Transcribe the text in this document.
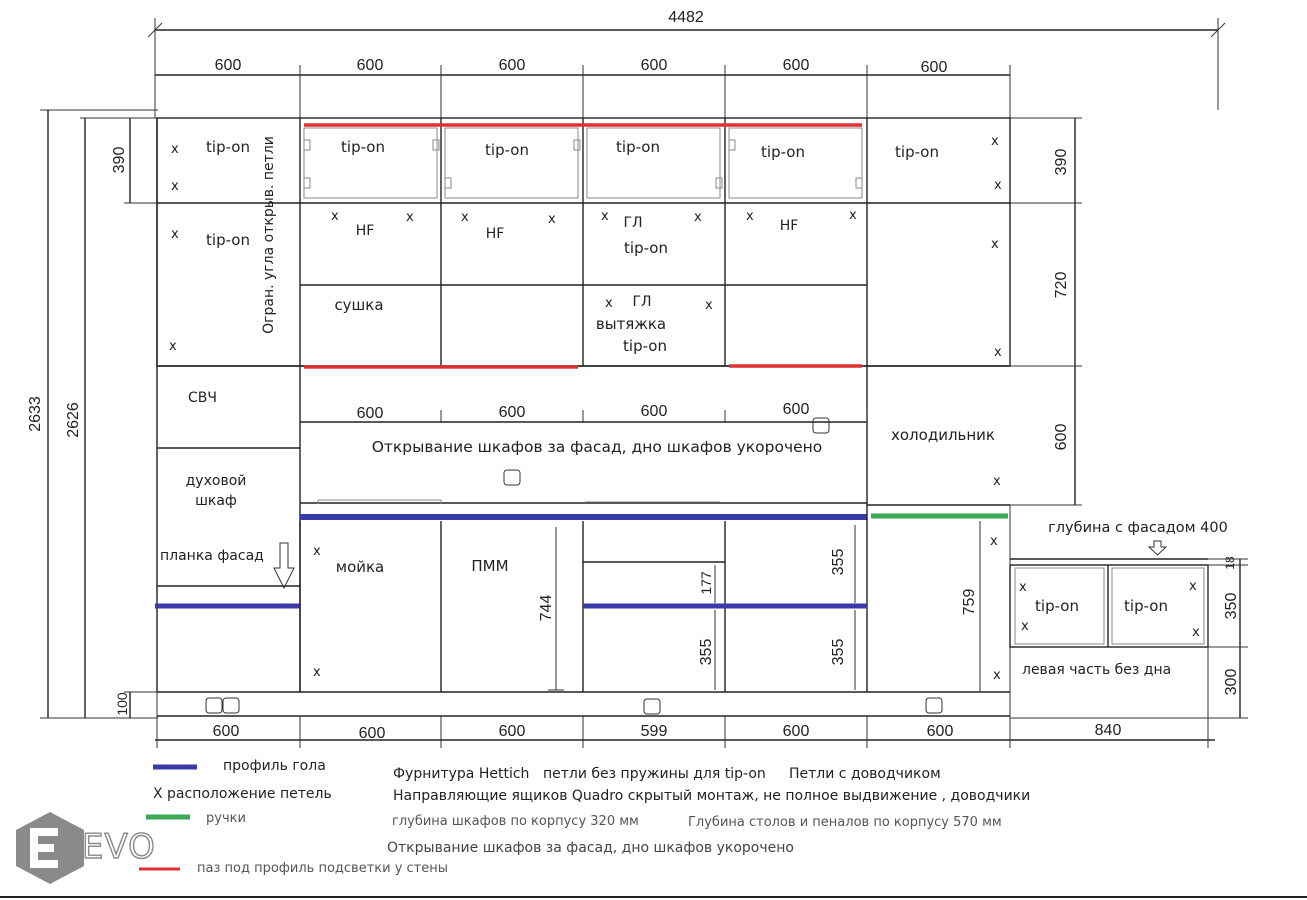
4482
600	600	600	600	600	600
2633 2626
390
100
390
720
600
tip-on
tip-on
tip-on	tip-on	tip-on	tip-on	tip-on
tip-on
tip-on
HF	HF	HF
ГЛ
ГЛ
сушка
вытяжка
Огран. угла открыв. петли
x
x
x
x
x	x	x	x	x	x	x	x
x	x
x
x
x
x
x
600	600	600	600
Открывание шкафов за фасад, дно шкафов укорочено
СВЧ
духовой
шкаф
планка фасад
744
177
355
355
355
759
мойка	ПММ
холодильник
x
x
x
x
глубина с фасадом 400
tip-on	tip-on
x
x
x
x
левая часть без дна
18
350
300
600	600	600	599	600	600	840
профиль гола
Х расположение петель
ручки
паз под профиль подсветки у стены
Фурнитура Hettich петли без пружины для tip-on Петли с доводчиком
Направляющие ящиков Quadro скрытый монтаж, не полное выдвижение , доводчики
глубина шкафов по корпусу 320 мм	Глубина столов и пеналов по корпусу 570 мм
Открывание шкафов за фасад, дно шкафов укорочено
EVO
